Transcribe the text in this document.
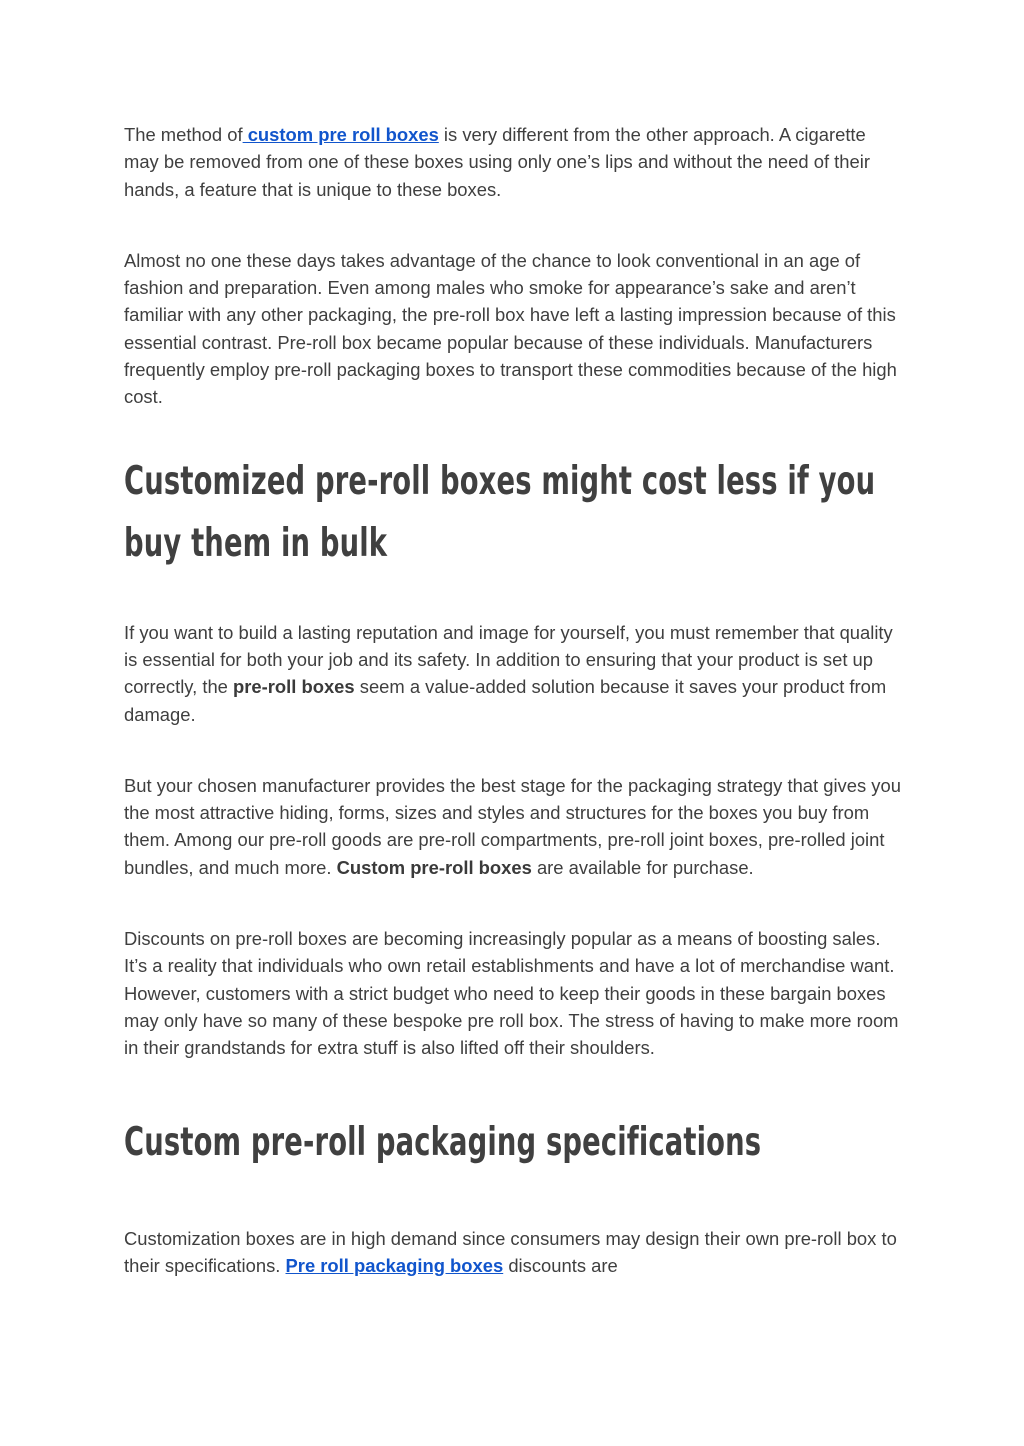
The method of custom pre roll boxes is very different from the other approach. A cigarette may be removed from one of these boxes using only one’s lips and without the need of their hands, a feature that is unique to these boxes.

Almost no one these days takes advantage of the chance to look conventional in an age of fashion and preparation. Even among males who smoke for appearance’s sake and aren’t familiar with any other packaging, the pre-roll box have left a lasting impression because of this essential contrast. Pre-roll box became popular because of these individuals. Manufacturers frequently employ pre-roll packaging boxes to transport these commodities because of the high cost.

Customized pre-roll boxes might cost less if you
buy them in bulk

If you want to build a lasting reputation and image for yourself, you must remember that quality is essential for both your job and its safety. In addition to ensuring that your product is set up correctly, the pre-roll boxes seem a value-added solution because it saves your product from damage.

But your chosen manufacturer provides the best stage for the packaging strategy that gives you the most attractive hiding, forms, sizes and styles and structures for the boxes you buy from them. Among our pre-roll goods are pre-roll compartments, pre-roll joint boxes, pre-rolled joint bundles, and much more. Custom pre-roll boxes are available for purchase.

Discounts on pre-roll boxes are becoming increasingly popular as a means of boosting sales. It’s a reality that individuals who own retail establishments and have a lot of merchandise want. However, customers with a strict budget who need to keep their goods in these bargain boxes may only have so many of these bespoke pre roll box. The stress of having to make more room in their grandstands for extra stuff is also lifted off their shoulders.

Custom pre-roll packaging specifications

Customization boxes are in high demand since consumers may design their own pre-roll box to their specifications. Pre roll packaging boxes discounts are
